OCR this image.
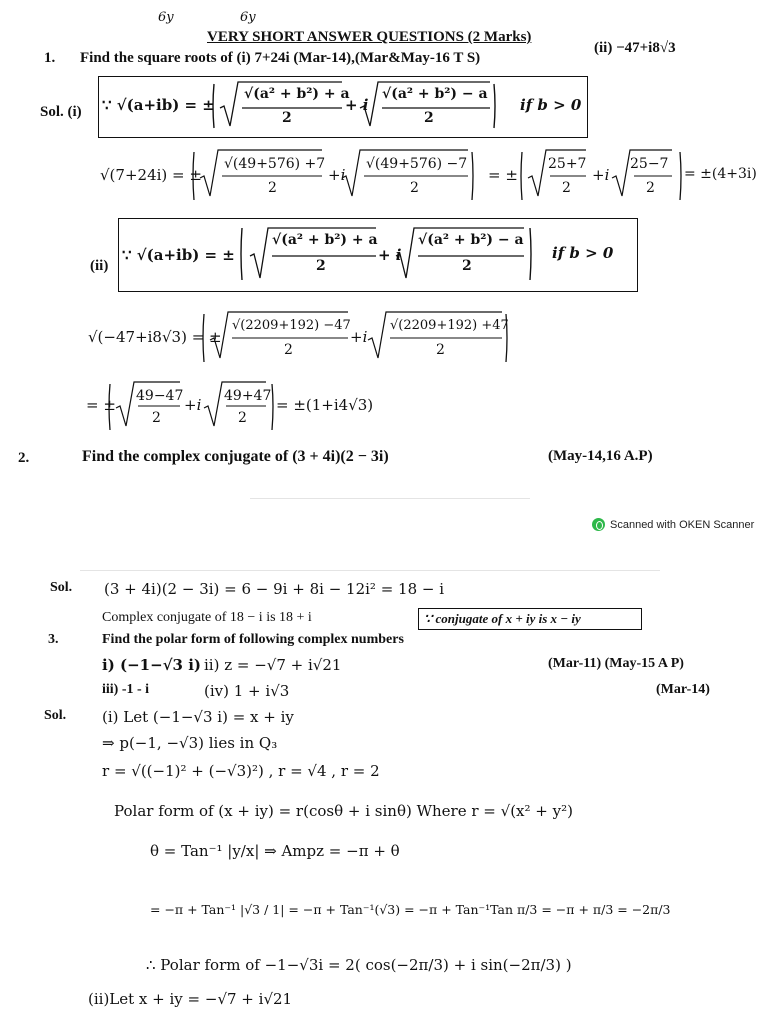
6y	6y
VERY SHORT ANSWER QUESTIONS (2 Marks)
1. Find the square roots of (i) 7+24i (Mar-14),(Mar&May-16 T S)
(ii) −47+i8√3
Sol. (i) ∵ √(a+ib) = ±
√(a² + b²) + a
2
+ i
√(a² + b²) − a
2
if b > 0
√(7+24i) = ±
√(49+576) +7
2
+i
√(49+576) −7
2
= ±
25+7
2
+i
25−7
2
= ±(4+3i)
(ii)
∵ √(a+ib) = ±
√(a² + b²) + a
2
+ i
√(a² + b²) − a
2
if b > 0
√(−47+i8√3) = ±
√(2209+192) −47
2
+i
√(2209+192) +47
2
= ± 49−47
2
+i 49+47
2
= ±(1+i4√3)
2.	Find the complex conjugate of (3 + 4i)(2 − 3i)	(May-14,16 A.P)
Scanned with OKEN Scanner
Sol. (3 + 4i)(2 − 3i) = 6 − 9i + 8i − 12i² = 18 − i
Complex conjugate of 18 − i is 18 + i	∵ conjugate of x + iy is x − iy
3.	Find the polar form of following complex numbers
i) (−1−√3 i) ii) z = −√7 + i√21	(Mar-11) (May-15 A P)
iii) -1 - i	(iv) 1 + i√3	(Mar-14)
Sol. (i) Let (−1−√3 i) = x + iy
⇒ p(−1, −√3) lies in Q₃
r = √((−1)² + (−√3)²) , r = √4 , r = 2
Polar form of (x + iy) = r(cosθ + i sinθ) Where r = √(x² + y²)
θ = Tan⁻¹ |y/x| ⇒ Ampz = −π + θ
= −π + Tan⁻¹ |√3 / 1| = −π + Tan⁻¹(√3) = −π + Tan⁻¹Tan π/3 = −π + π/3 = −2π/3
∴ Polar form of −1−√3i = 2( cos(−2π/3) + i sin(−2π/3) )
(ii)Let x + iy = −√7 + i√21
